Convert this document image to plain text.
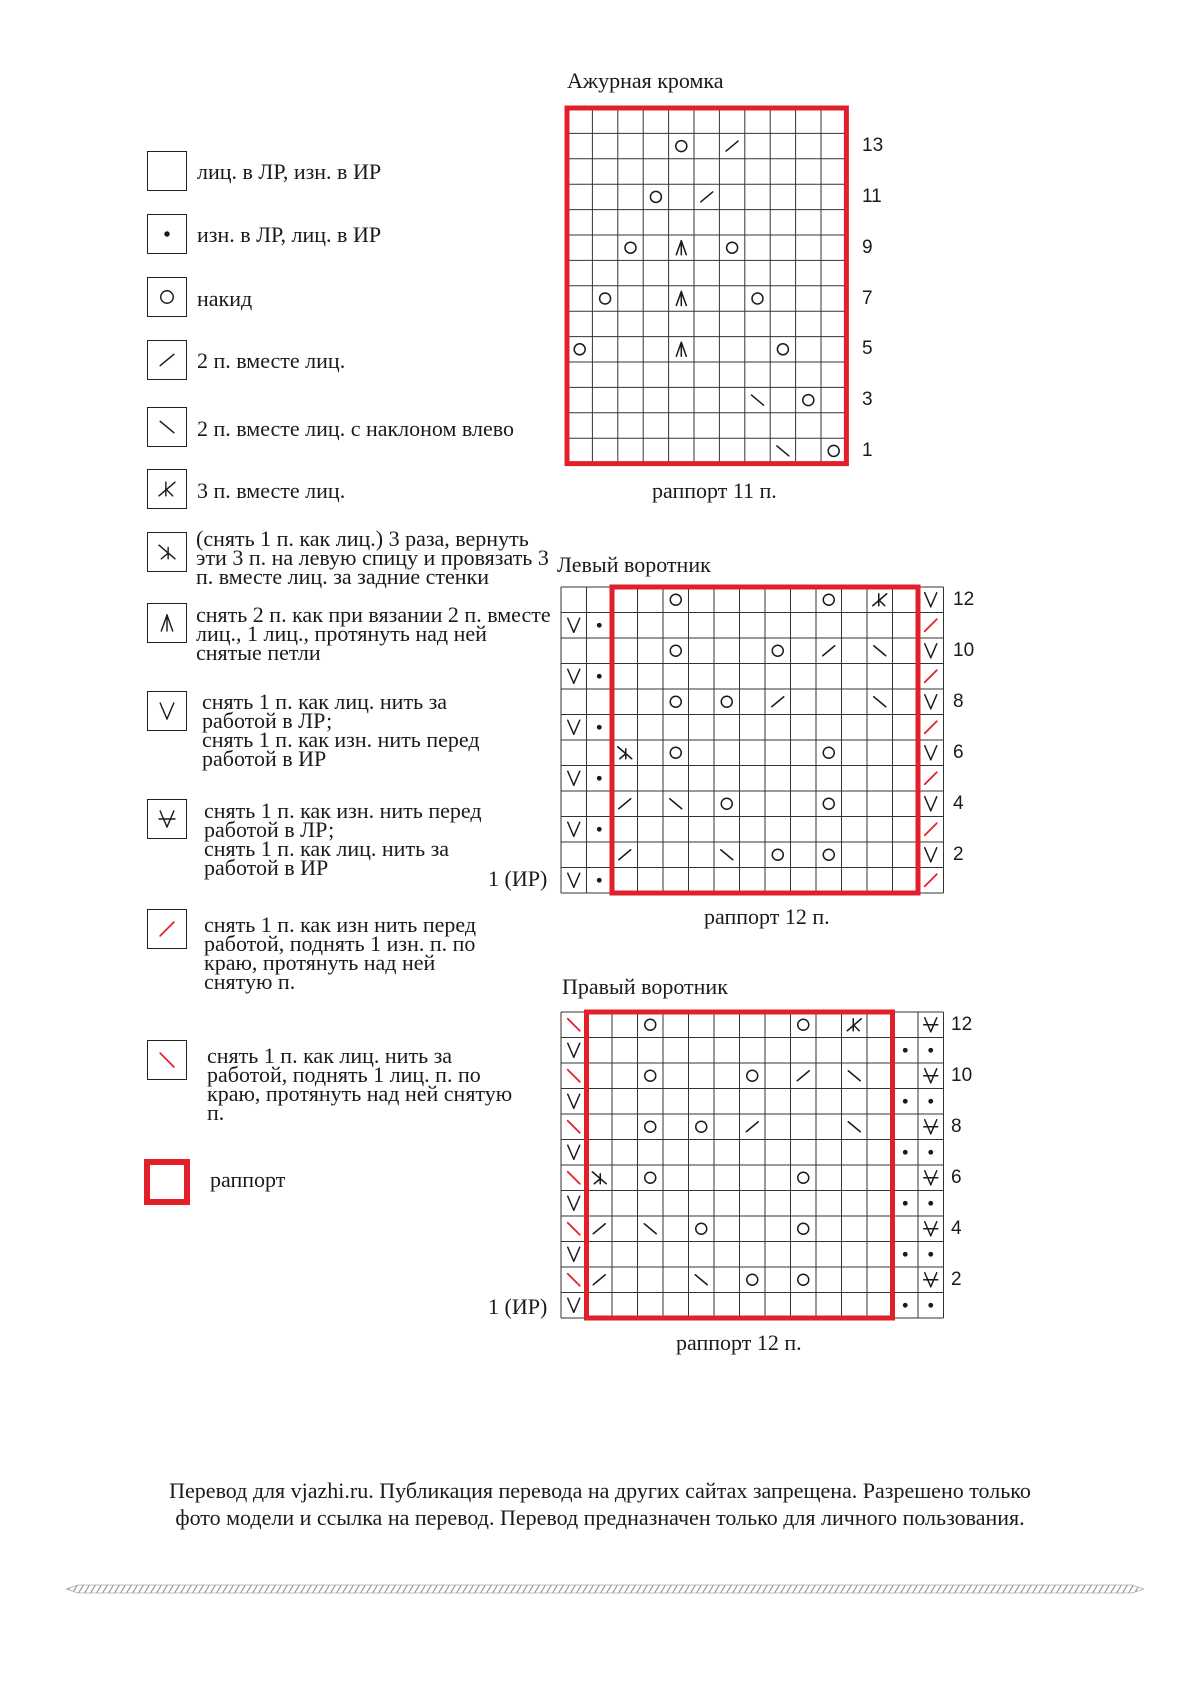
лиц. в ЛР, изн. в ИР
изн. в ЛР, лиц. в ИР
накид
2 п. вместе лиц.
2 п. вместе лиц. с наклоном влево
3 п. вместе лиц.
(снять 1 п. как лиц.) 3 раза, вернуть эти 3 п. на левую спицу и провязать 3 п. вместе лиц. за задние стенки
снять 2 п. как при вязании 2 п. вместе лиц., 1 лиц., протянуть над ней снятые петли
снять 1 п. как лиц. нить за работой в ЛР;
снять 1 п. как изн. нить перед работой в ИР
снять 1 п. как изн. нить перед работой в ЛР;
снять 1 п. как лиц. нить за работой в ИР
снять 1 п. как изн нить перед работой, поднять 1 изн. п. по краю, протянуть над ней снятую п.
снять 1 п. как лиц. нить за работой, поднять 1 лиц. п. по краю, протянуть над ней снятую п.
раппорт
Ажурная кромка
13
11
9
7
5
3
1
раппорт 11 п.
Левый воротник
12
10
8
6
4
2
1 (ИР)
раппорт 12 п.
Правый воротник
12
10
8
6
4
2
1 (ИР)
раппорт 12 п.
Перевод для vjazhi.ru. Публикация перевода на других сайтах запрещена. Разрешено только
фото модели и ссылка на перевод. Перевод предназначен только для личного пользования.
